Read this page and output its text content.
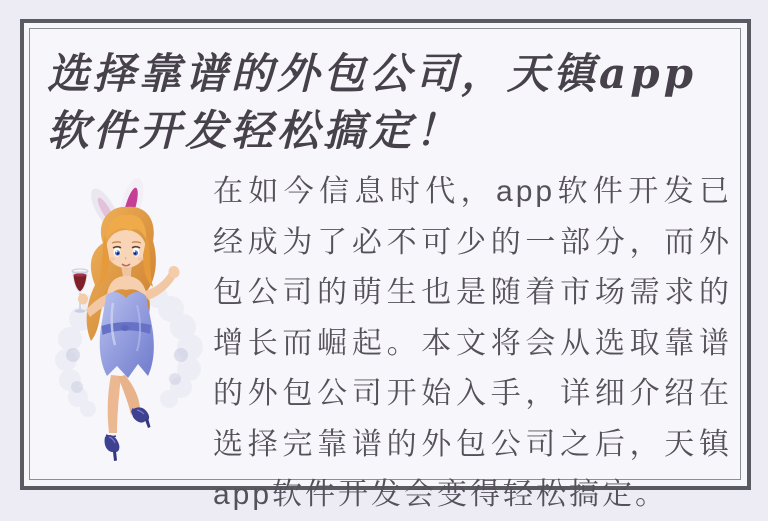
选择靠谱的外包公司，天镇app软件开发轻松搞定！

在如今信息时代，app软件开发已经成为了必不可少的一部分，而外包公司的萌生也是随着市场需求的增长而崛起。本文将会从选取靠谱的外包公司开始入手，详细介绍在选择完靠谱的外包公司之后，天镇app软件开发会变得轻松搞定。
